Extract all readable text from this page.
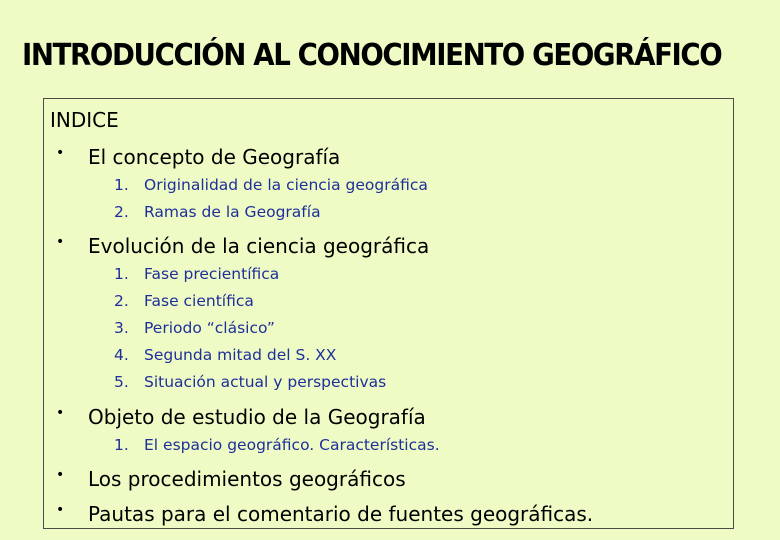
INTRODUCCIÓN AL CONOCIMIENTO GEOGRÁFICO
INDICE
• El concepto de Geografía
1. Originalidad de la ciencia geográfica
2. Ramas de la Geografía
• Evolución de la ciencia geográfica
1. Fase precientífica
2. Fase científica
3. Periodo “clásico”
4. Segunda mitad del S. XX
5. Situación actual y perspectivas
• Objeto de estudio de la Geografía
1. El espacio geográfico. Características.
• Los procedimientos geográficos
• Pautas para el comentario de fuentes geográficas.
